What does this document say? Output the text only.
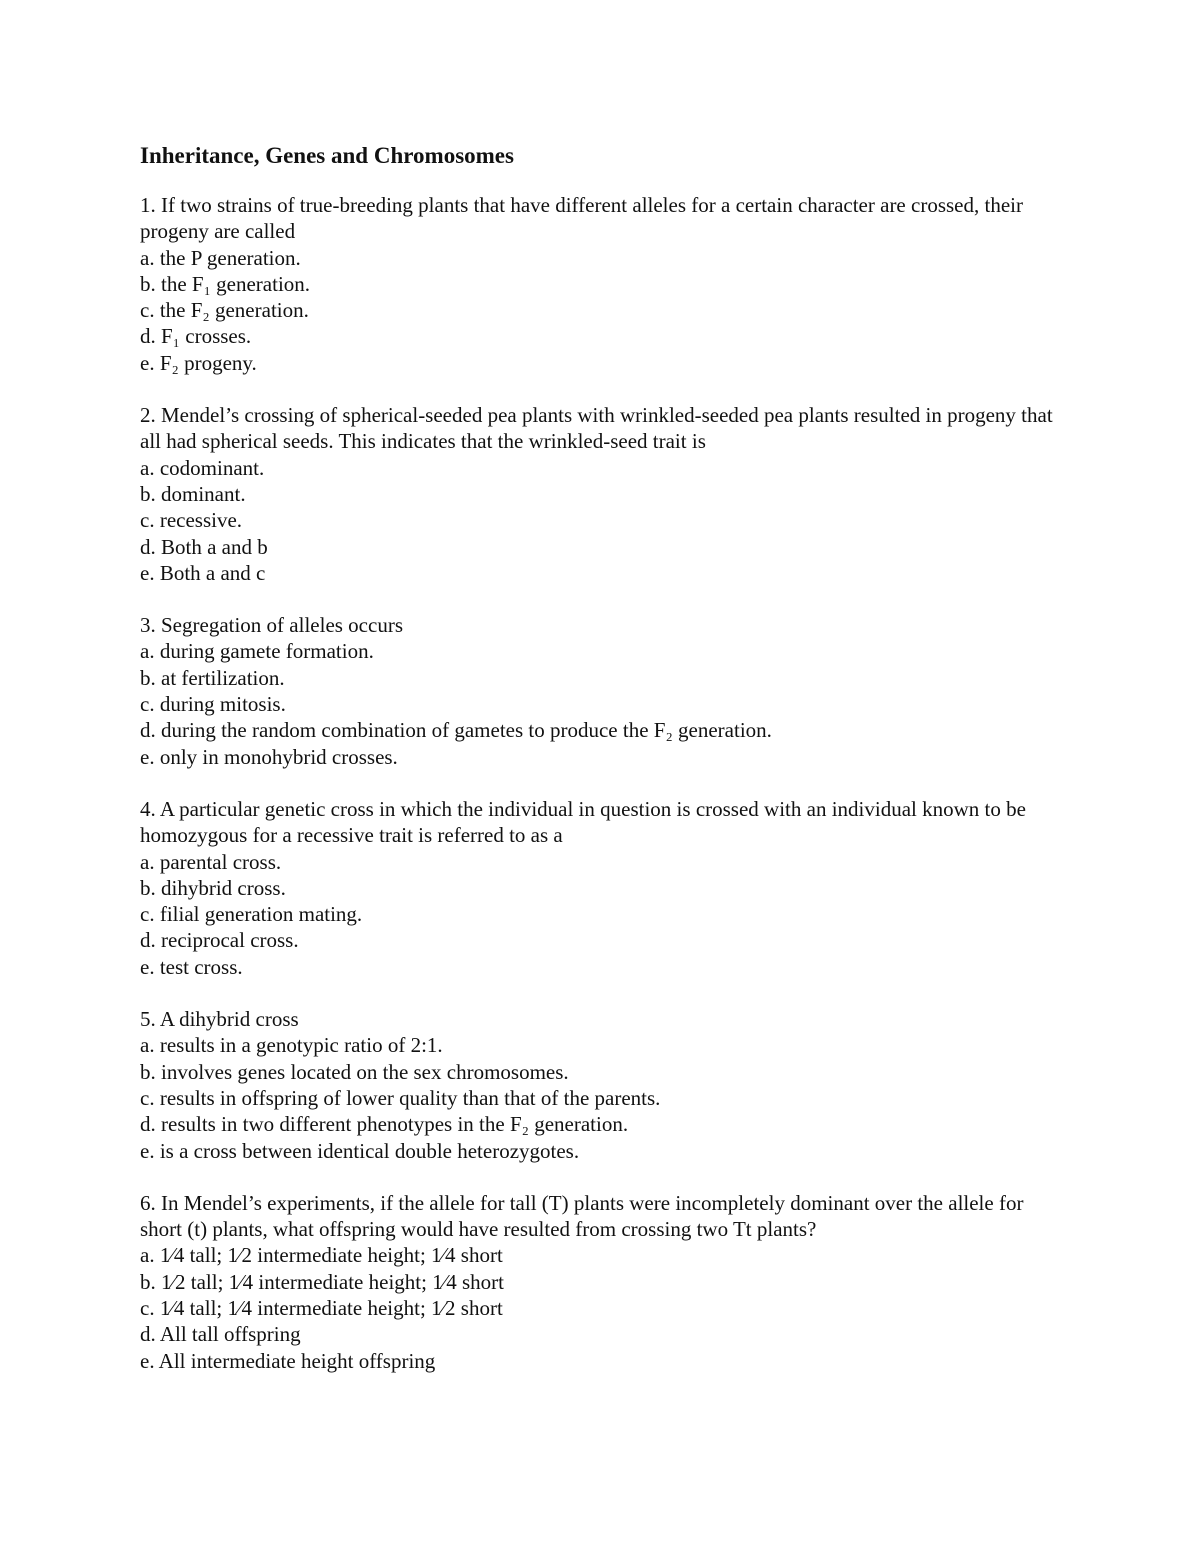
Inheritance, Genes and Chromosomes
1. If two strains of true-breeding plants that have different alleles for a certain character are crossed, their progeny are called
a. the P generation.
b. the F₁ generation.
c. the F₂ generation.
d. F₁ crosses.
e. F₂ progeny.
2. Mendel’s crossing of spherical-seeded pea plants with wrinkled-seeded pea plants resulted in progeny that all had spherical seeds. This indicates that the wrinkled-seed trait is
a. codominant.
b. dominant.
c. recessive.
d. Both a and b
e. Both a and c
3. Segregation of alleles occurs
a. during gamete formation.
b. at fertilization.
c. during mitosis.
d. during the random combination of gametes to produce the F₂ generation.
e. only in monohybrid crosses.
4. A particular genetic cross in which the individual in question is crossed with an individual known to be homozygous for a recessive trait is referred to as a
a. parental cross.
b. dihybrid cross.
c. filial generation mating.
d. reciprocal cross.
e. test cross.
5. A dihybrid cross
a. results in a genotypic ratio of 2:1.
b. involves genes located on the sex chromosomes.
c. results in offspring of lower quality than that of the parents.
d. results in two different phenotypes in the F₂ generation.
e. is a cross between identical double heterozygotes.
6. In Mendel’s experiments, if the allele for tall (T) plants were incompletely dominant over the allele for short (t) plants, what offspring would have resulted from crossing two Tt plants?
a. 1⁄4 tall; 1⁄2 intermediate height; 1⁄4 short
b. 1⁄2 tall; 1⁄4 intermediate height; 1⁄4 short
c. 1⁄4 tall; 1⁄4 intermediate height; 1⁄2 short
d. All tall offspring
e. All intermediate height offspring
